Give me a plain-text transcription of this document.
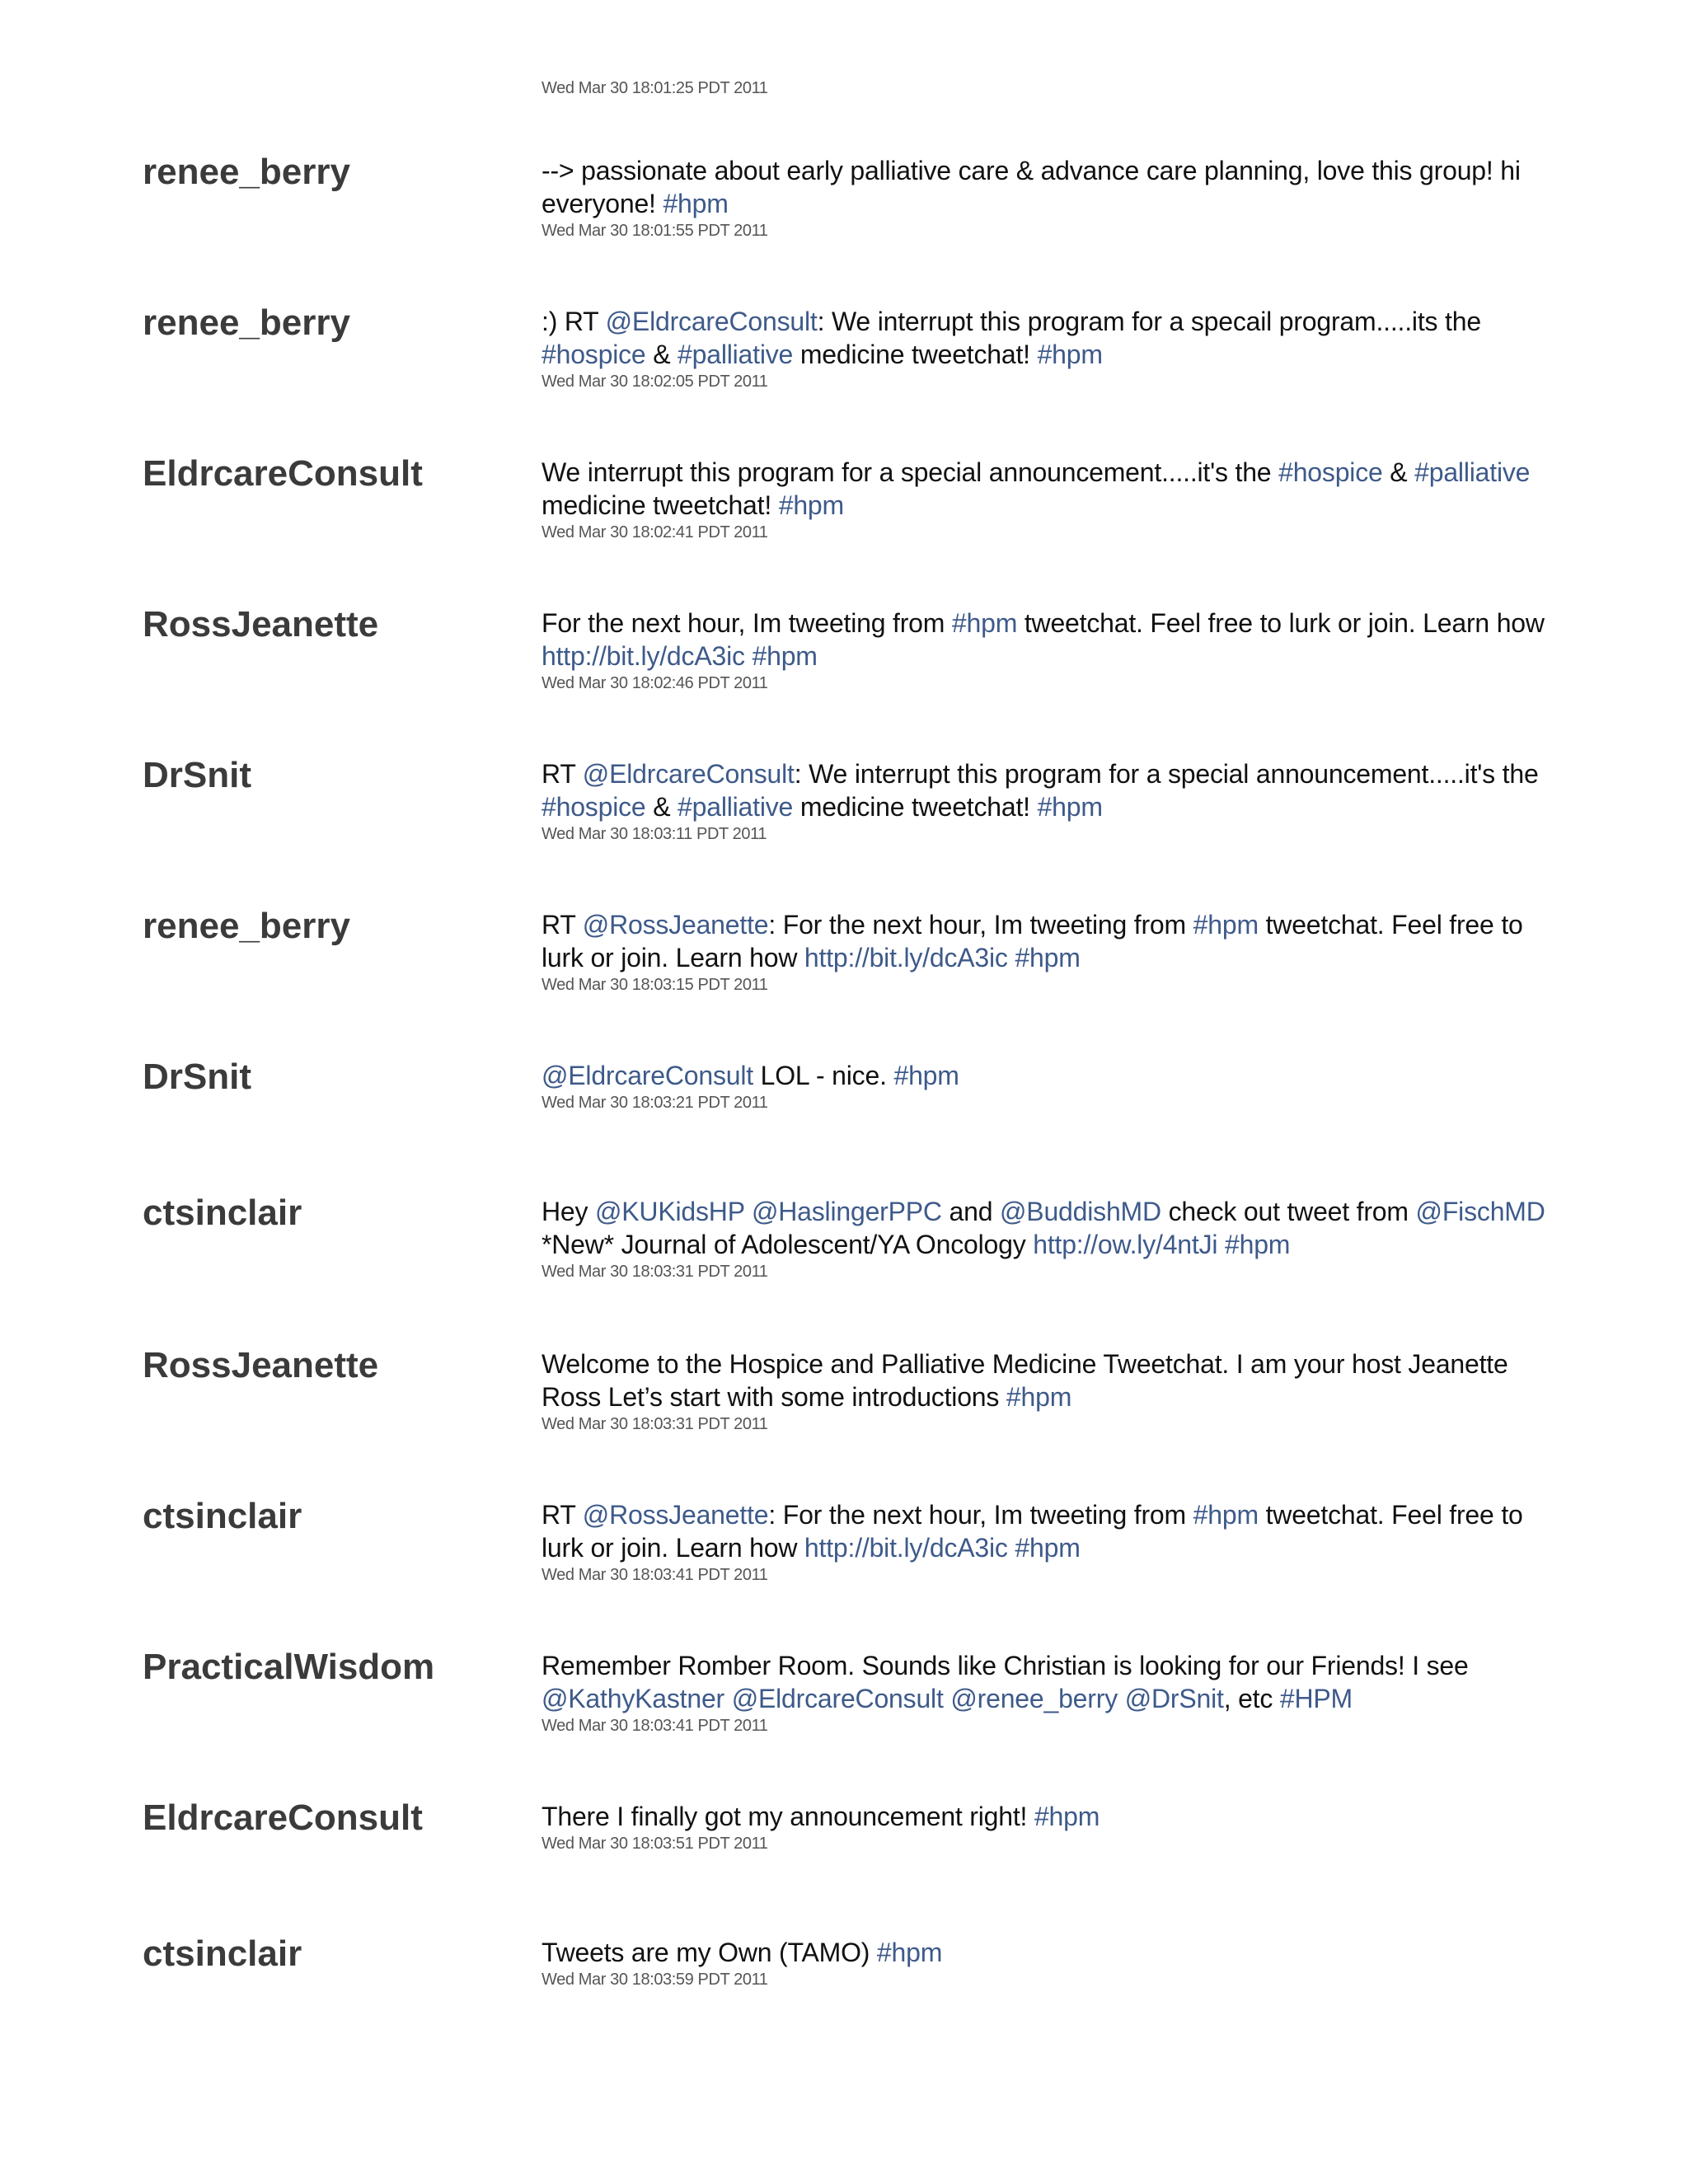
Wed Mar 30 18:01:25 PDT 2011
renee_berry	--> passionate about early palliative care & advance care planning, love this group! hi everyone! #hpm
Wed Mar 30 18:01:55 PDT 2011
renee_berry	:) RT @EldrcareConsult: We interrupt this program for a specail program.....its the #hospice & #palliative medicine tweetchat! #hpm
Wed Mar 30 18:02:05 PDT 2011
EldrcareConsult	We interrupt this program for a special announcement.....it's the #hospice & #palliative medicine tweetchat! #hpm
Wed Mar 30 18:02:41 PDT 2011
RossJeanette	For the next hour, Im tweeting from #hpm tweetchat. Feel free to lurk or join. Learn how http://bit.ly/dcA3ic #hpm
Wed Mar 30 18:02:46 PDT 2011
DrSnit	RT @EldrcareConsult: We interrupt this program for a special announcement.....it's the #hospice & #palliative medicine tweetchat! #hpm
Wed Mar 30 18:03:11 PDT 2011
renee_berry	RT @RossJeanette: For the next hour, Im tweeting from #hpm tweetchat. Feel free to lurk or join. Learn how http://bit.ly/dcA3ic #hpm
Wed Mar 30 18:03:15 PDT 2011
DrSnit	@EldrcareConsult LOL - nice. #hpm
Wed Mar 30 18:03:21 PDT 2011
ctsinclair	Hey @KUKidsHP @HaslingerPPC and @BuddishMD check out tweet from @FischMD *New* Journal of Adolescent/YA Oncology http://ow.ly/4ntJi #hpm
Wed Mar 30 18:03:31 PDT 2011
RossJeanette	Welcome to the Hospice and Palliative Medicine Tweetchat. I am your host Jeanette Ross Let’s start with some introductions #hpm
Wed Mar 30 18:03:31 PDT 2011
ctsinclair	RT @RossJeanette: For the next hour, Im tweeting from #hpm tweetchat. Feel free to lurk or join. Learn how http://bit.ly/dcA3ic #hpm
Wed Mar 30 18:03:41 PDT 2011
PracticalWisdom	Remember Romber Room. Sounds like Christian is looking for our Friends! I see @KathyKastner @EldrcareConsult @renee_berry @DrSnit, etc #HPM
Wed Mar 30 18:03:41 PDT 2011
EldrcareConsult	There I finally got my announcement right! #hpm
Wed Mar 30 18:03:51 PDT 2011
ctsinclair	Tweets are my Own (TAMO) #hpm
Wed Mar 30 18:03:59 PDT 2011
